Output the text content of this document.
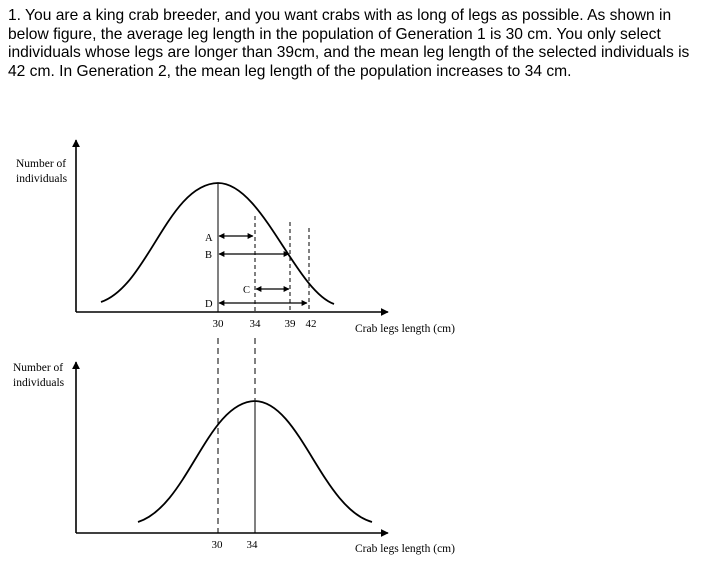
1. You are a king crab breeder, and you want crabs with as long of legs as possible. As shown in below figure, the average leg length in the population of Generation 1 is 30 cm. You only select individuals whose legs are longer than 39cm, and the mean leg length of the selected individuals is 42 cm. In Generation 2, the mean leg length of the population increases to 34 cm.

Number of
individuals
A
B
C
D
30 34 39 42	Crab legs length (cm)
Number of
individuals
30 34	Crab legs length (cm)
